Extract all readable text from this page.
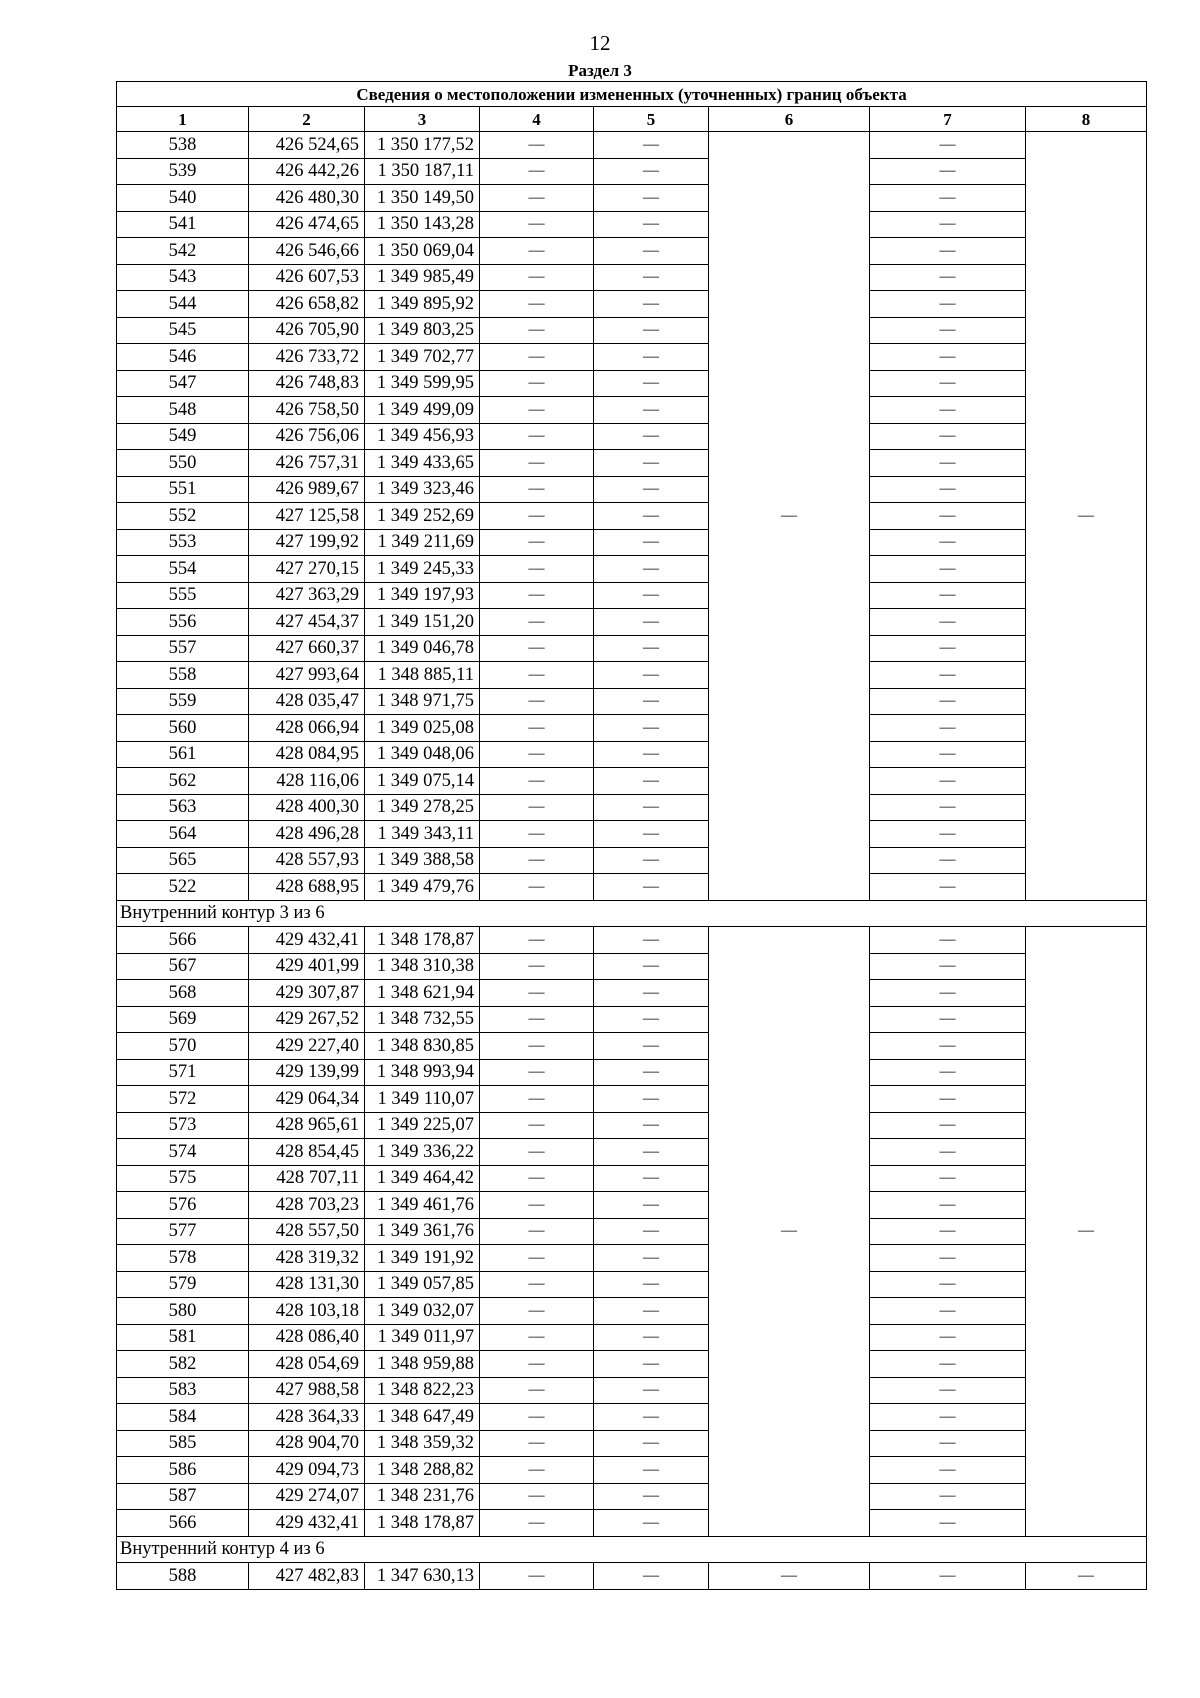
12
Раздел 3
Сведения о местоположении измененных (уточненных) границ объекта							
1	2	3	4	5	6	7	8
538	426 524,65	1 350 177,52	—	—	—	—	—
539	426 442,26	1 350 187,11	—	—		—	
540	426 480,30	1 350 149,50	—	—		—	
541	426 474,65	1 350 143,28	—	—		—	
542	426 546,66	1 350 069,04	—	—		—	
543	426 607,53	1 349 985,49	—	—		—	
544	426 658,82	1 349 895,92	—	—		—	
545	426 705,90	1 349 803,25	—	—		—	
546	426 733,72	1 349 702,77	—	—		—	
547	426 748,83	1 349 599,95	—	—		—	
548	426 758,50	1 349 499,09	—	—		—	
549	426 756,06	1 349 456,93	—	—		—	
550	426 757,31	1 349 433,65	—	—		—	
551	426 989,67	1 349 323,46	—	—		—	
552	427 125,58	1 349 252,69	—	—		—	
553	427 199,92	1 349 211,69	—	—		—	
554	427 270,15	1 349 245,33	—	—		—	
555	427 363,29	1 349 197,93	—	—		—	
556	427 454,37	1 349 151,20	—	—		—	
557	427 660,37	1 349 046,78	—	—		—	
558	427 993,64	1 348 885,11	—	—		—	
559	428 035,47	1 348 971,75	—	—		—	
560	428 066,94	1 349 025,08	—	—		—	
561	428 084,95	1 349 048,06	—	—		—	
562	428 116,06	1 349 075,14	—	—		—	
563	428 400,30	1 349 278,25	—	—		—	
564	428 496,28	1 349 343,11	—	—		—	
565	428 557,93	1 349 388,58	—	—		—	
522	428 688,95	1 349 479,76	—	—		—	
Внутренний контур 3 из 6							
566	429 432,41	1 348 178,87	—	—	—	—	—
567	429 401,99	1 348 310,38	—	—		—	
568	429 307,87	1 348 621,94	—	—		—	
569	429 267,52	1 348 732,55	—	—		—	
570	429 227,40	1 348 830,85	—	—		—	
571	429 139,99	1 348 993,94	—	—		—	
572	429 064,34	1 349 110,07	—	—		—	
573	428 965,61	1 349 225,07	—	—		—	
574	428 854,45	1 349 336,22	—	—		—	
575	428 707,11	1 349 464,42	—	—		—	
576	428 703,23	1 349 461,76	—	—		—	
577	428 557,50	1 349 361,76	—	—		—	
578	428 319,32	1 349 191,92	—	—		—	
579	428 131,30	1 349 057,85	—	—		—	
580	428 103,18	1 349 032,07	—	—		—	
581	428 086,40	1 349 011,97	—	—		—	
582	428 054,69	1 348 959,88	—	—		—	
583	427 988,58	1 348 822,23	—	—		—	
584	428 364,33	1 348 647,49	—	—		—	
585	428 904,70	1 348 359,32	—	—		—	
586	429 094,73	1 348 288,82	—	—		—	
587	429 274,07	1 348 231,76	—	—		—	
566	429 432,41	1 348 178,87	—	—		—	
Внутренний контур 4 из 6							
588	427 482,83	1 347 630,13	—	—	—	—	—
